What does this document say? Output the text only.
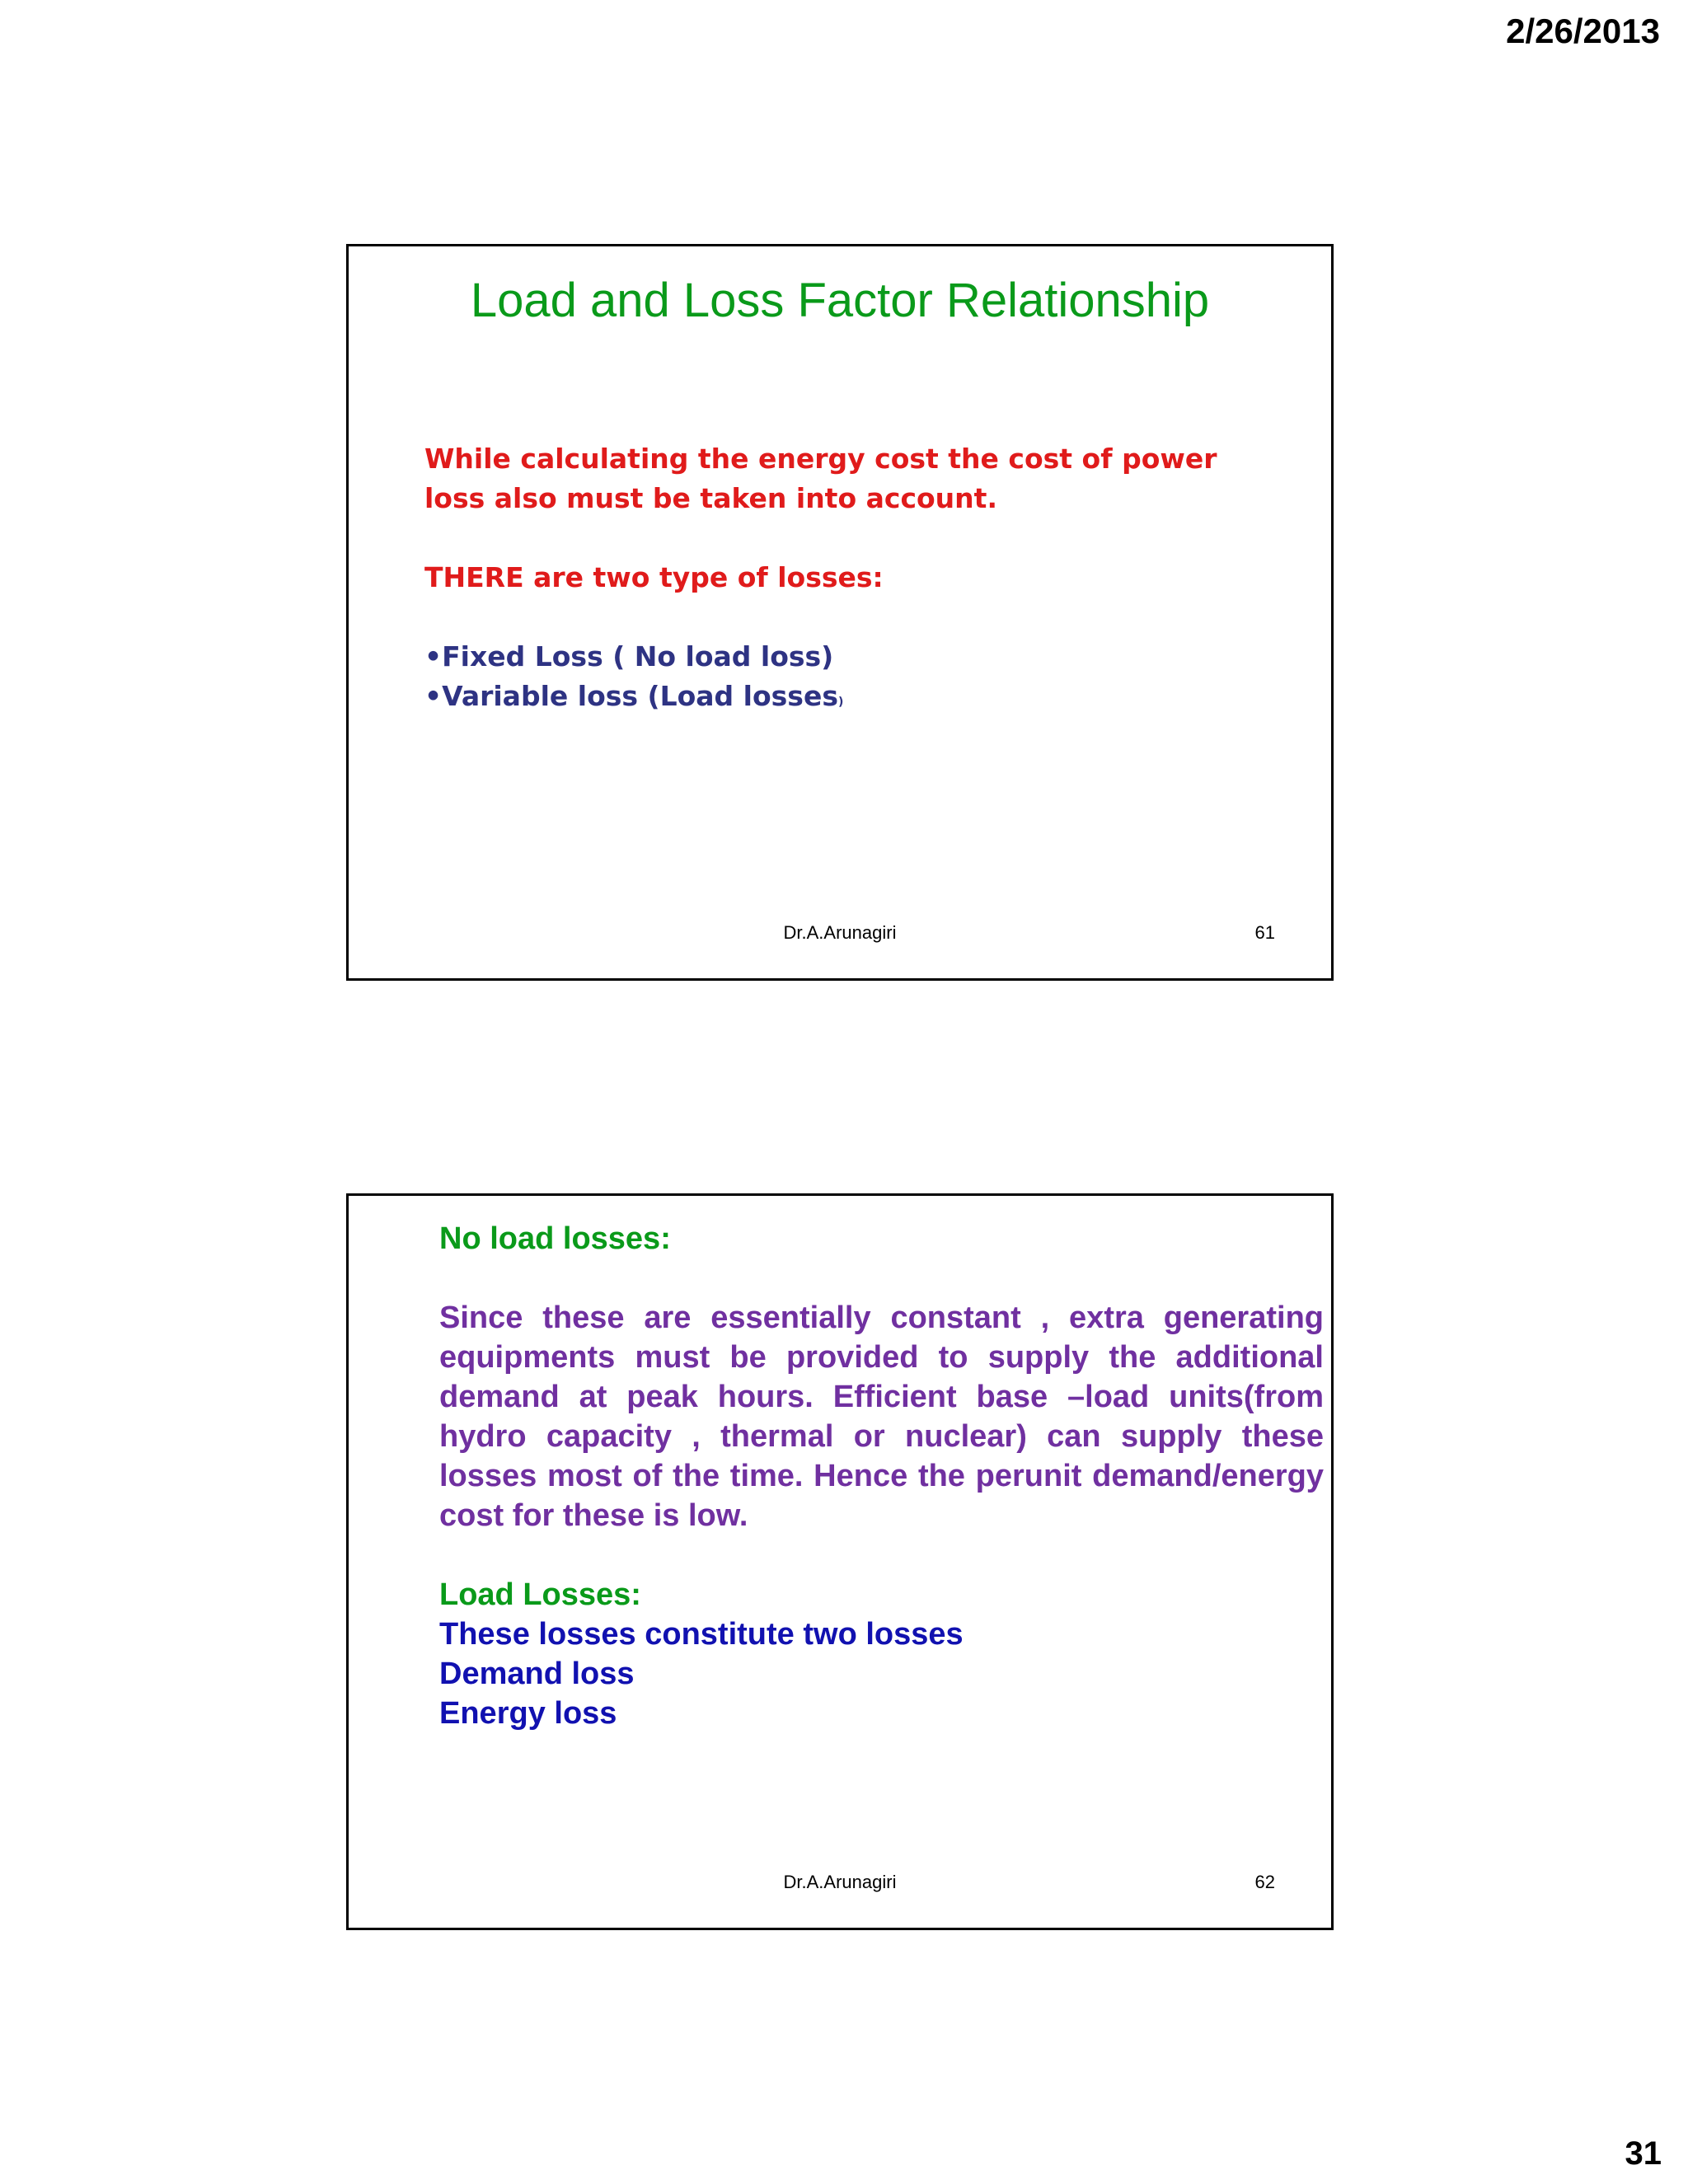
2/26/2013
Load and Loss Factor Relationship
While calculating the energy cost the cost of power loss also must be taken into account.
THERE are two type of losses:
•Fixed Loss ( No load loss)
•Variable loss (Load losses)
Dr.A.Arunagiri	61
No load losses:
Since these are essentially constant , extra generating equipments must be provided to supply the additional demand at peak hours. Efficient base –load units(from hydro capacity , thermal or nuclear) can supply these losses most of the time. Hence the perunit demand/energy cost for these is low.
Load Losses:
These losses constitute two losses
Demand loss
Energy loss
Dr.A.Arunagiri	62
31
